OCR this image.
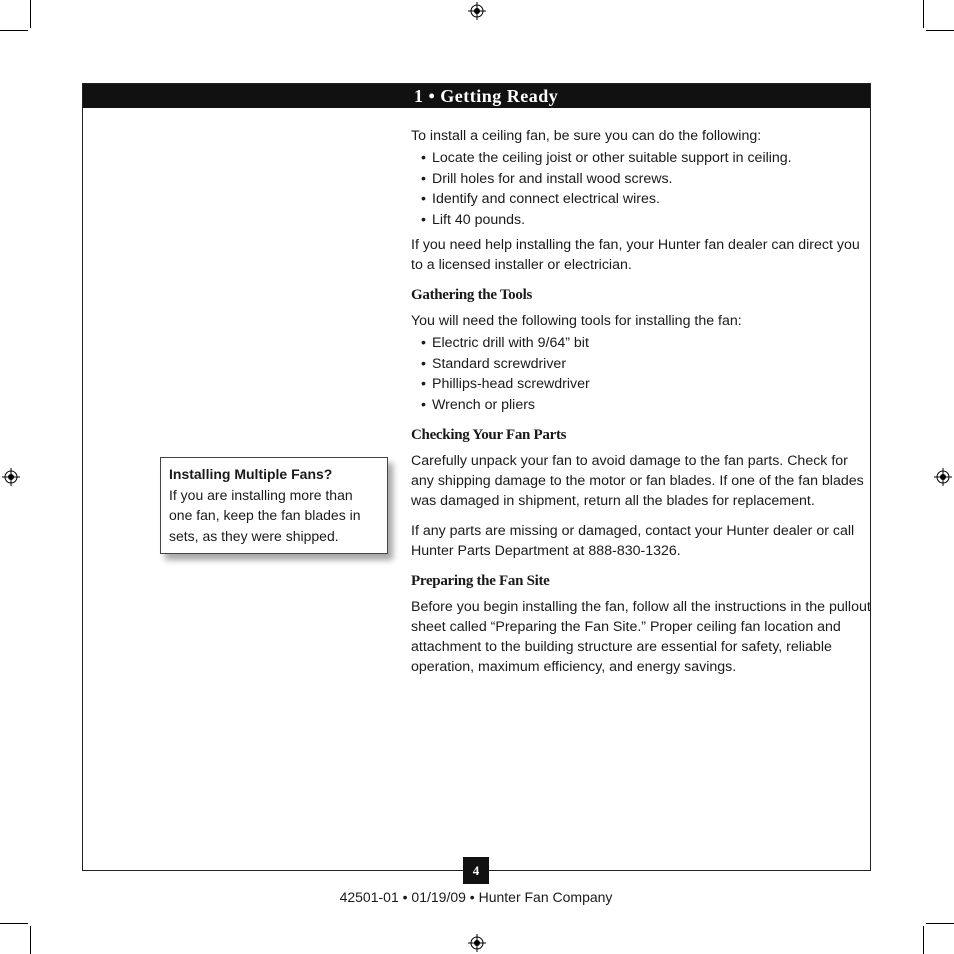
1 • Getting Ready

To install a ceiling fan, be sure you can do the following:

• Locate the ceiling joist or other suitable support in ceiling.
• Drill holes for and install wood screws.
• Identify and connect electrical wires.
• Lift 40 pounds.

If you need help installing the fan, your Hunter fan dealer can direct you to a licensed installer or electrician.

Gathering the Tools

You will need the following tools for installing the fan:

• Electric drill with 9/64” bit
• Standard screwdriver
• Phillips-head screwdriver
• Wrench or pliers

Checking Your Fan Parts

Carefully unpack your fan to avoid damage to the fan parts. Check for any shipping damage to the motor or fan blades. If one of the fan blades was damaged in shipment, return all the blades for replacement.

If any parts are missing or damaged, contact your Hunter dealer or call Hunter Parts Department at 888-830-1326.

Preparing the Fan Site

Before you begin installing the fan, follow all the instructions in the pullout sheet called “Preparing the Fan Site.” Proper ceiling fan location and attachment to the building structure are essential for safety, reliable operation, maximum efficiency, and energy savings.

Installing Multiple Fans?
If you are installing more than one fan, keep the fan blades in sets, as they were shipped.
4
42501-01 • 01/19/09 • Hunter Fan Company
